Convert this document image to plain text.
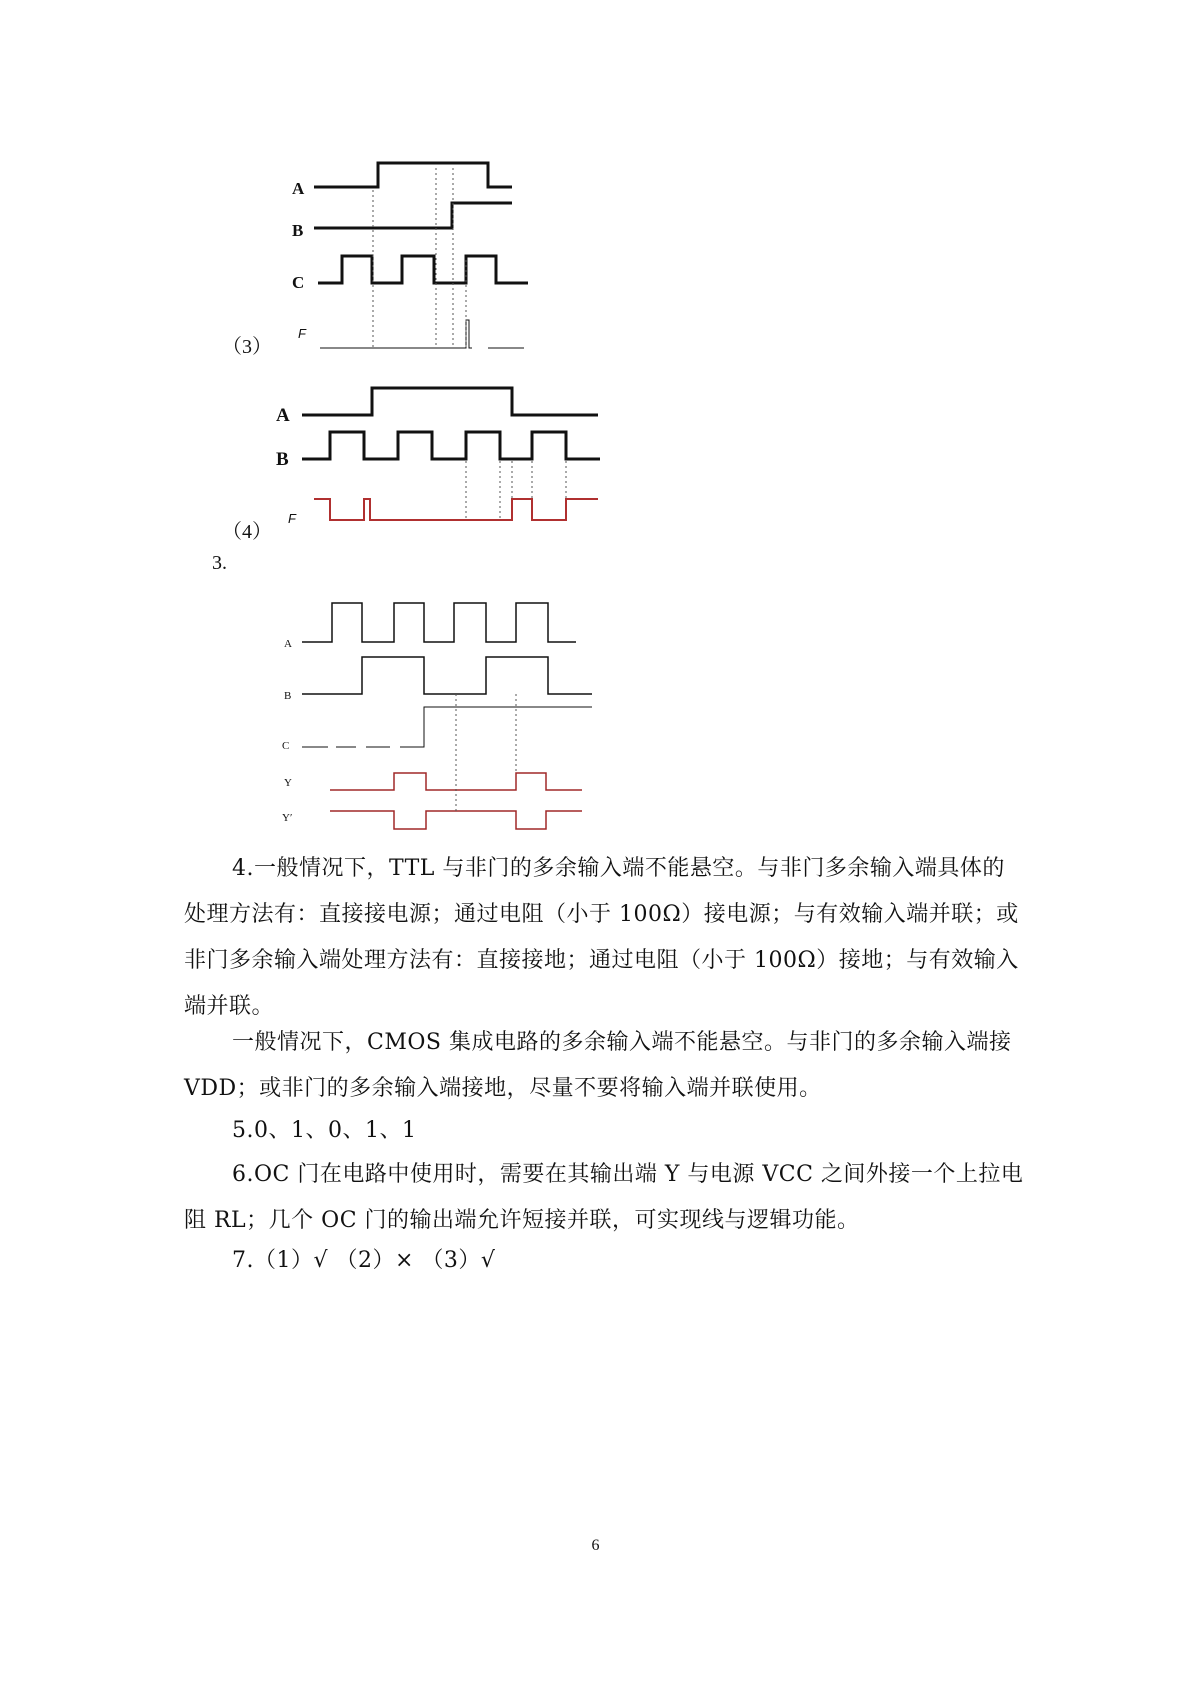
（3）
（4）
3.
A
B
C
F
A
B
F
A
B
C
Y
Y′

4.一般情况下，TTL 与非门的多余输入端不能悬空。与非门多余输入端具体的处理方法有：直接接电源；通过电阻（小于 100Ω）接电源；与有效输入端并联；或非门多余输入端处理方法有：直接接地；通过电阻（小于 100Ω）接地；与有效输入端并联。

一般情况下，CMOS 集成电路的多余输入端不能悬空。与非门的多余输入端接 VDD；或非门的多余输入端接地，尽量不要将输入端并联使用。

5.0、1、0、1、1

6.OC 门在电路中使用时，需要在其输出端 Y 与电源 VCC 之间外接一个上拉电阻 RL；几个 OC 门的输出端允许短接并联，可实现线与逻辑功能。

7.（1）√ （2）× （3）√

6
